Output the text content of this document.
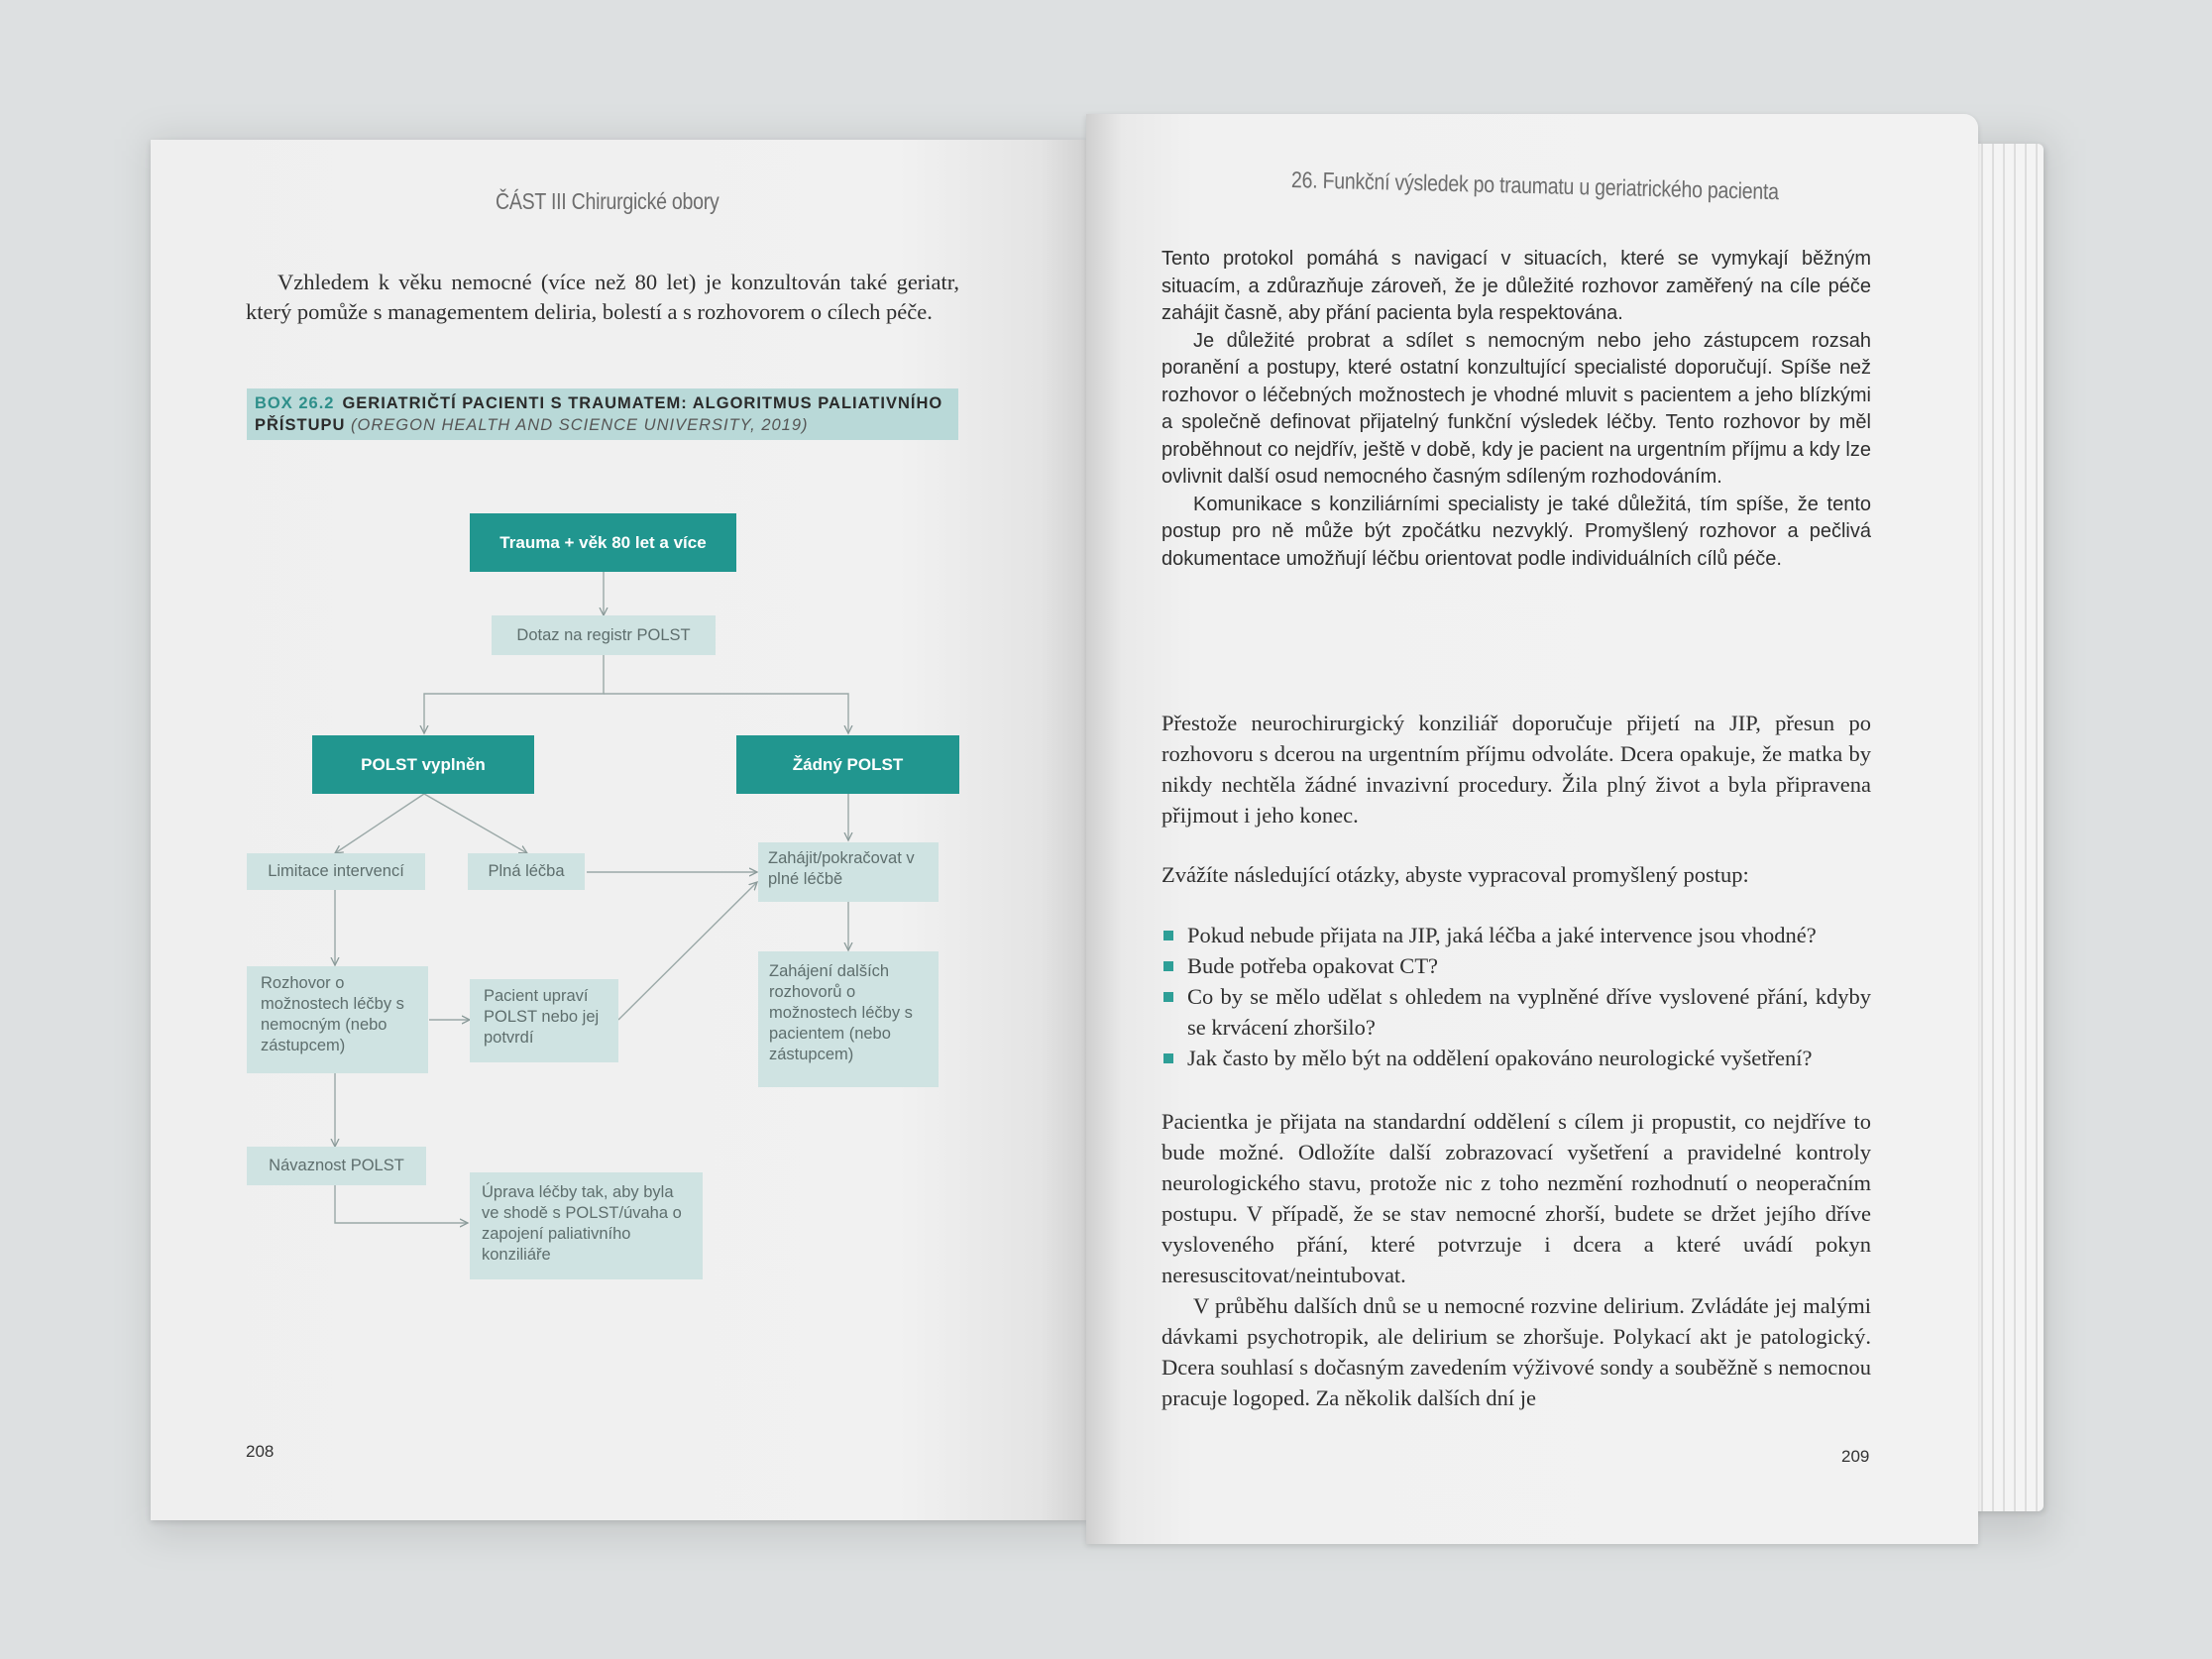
ČÁST III Chirurgické obory

Vzhledem k věku nemocné (více než 80 let) je konzultován také geriatr, který pomůže s managementem deliria, bolestí a s rozhovorem o cílech péče.

BOX 26.2 GERIATRIČTÍ PACIENTI S TRAUMATEM: ALGORITMUS PALIATIVNÍHO PŘÍSTUPU (OREGON HEALTH AND SCIENCE UNIVERSITY, 2019)
Trauma + věk 80 let a více
Dotaz na registr POLST
POLST vyplněn	Žádný POLST
Limitace intervencí	Plná léčba
Zahájit/pokračovat v plné léčbě
Rozhovor o možnostech léčby s nemocným (nebo zástupcem)
Pacient upraví POLST nebo jej potvrdí
Zahájení dalších rozhovorů o možnostech léčby s pacientem (nebo zástupcem)
Návaznost POLST
Úprava léčby tak, aby byla ve shodě s POLST/úvaha o zapojení paliativního konziliáře
208
26. Funkční výsledek po traumatu u geriatrického pacienta

Tento protokol pomáhá s navigací v situacích, které se vymykají běžným situacím, a zdůrazňuje zároveň, že je důležité rozhovor zaměřený na cíle péče zahájit časně, aby přání pacienta byla respektována.

Je důležité probrat a sdílet s nemocným nebo jeho zástupcem rozsah poranění a postupy, které ostatní konzultující specialisté doporučují. Spíše než rozhovor o léčebných možnostech je vhodné mluvit s pacientem a jeho blízkými a společně definovat přijatelný funkční výsledek léčby. Tento rozhovor by měl proběhnout co nejdřív, ještě v době, kdy je pacient na urgentním příjmu a kdy lze ovlivnit další osud nemocného časným sdíleným rozhodováním.

Komunikace s konziliárními specialisty je také důležitá, tím spíše, že tento postup pro ně může být zpočátku nezvyklý. Promyšlený rozhovor a pečlivá dokumentace umožňují léčbu orientovat podle individuálních cílů péče.

Přestože neurochirurgický konziliář doporučuje přijetí na JIP, přesun po rozhovoru s dcerou na urgentním příjmu odvoláte. Dcera opakuje, že matka by nikdy nechtěla žádné invazivní procedury. Žila plný život a byla připravena přijmout i jeho konec.

Zvážíte následující otázky, abyste vypracoval promyšlený postup:

Pokud nebude přijata na JIP, jaká léčba a jaké intervence jsou vhodné?
Bude potřeba opakovat CT?
Co by se mělo udělat s ohledem na vyplněné dříve vyslovené přání, kdyby se krvácení zhoršilo?
Jak často by mělo být na oddělení opakováno neurologické vyšetření?

Pacientka je přijata na standardní oddělení s cílem ji propustit, co nejdříve to bude možné. Odložíte další zobrazovací vyšetření a pravidelné kontroly neurologického stavu, protože nic z toho nezmění rozhodnutí o neoperačním postupu. V případě, že se stav nemocné zhorší, budete se držet jejího dříve vysloveného přání, které potvrzuje i dcera a které uvádí pokyn neresuscitovat/neintubovat.

V průběhu dalších dnů se u nemocné rozvine delirium. Zvládáte jej malými dávkami psychotropik, ale delirium se zhoršuje. Polykací akt je patologický. Dcera souhlasí s dočasným zavedením výživové sondy a souběžně s nemocnou pracuje logoped. Za několik dalších dní je

209
